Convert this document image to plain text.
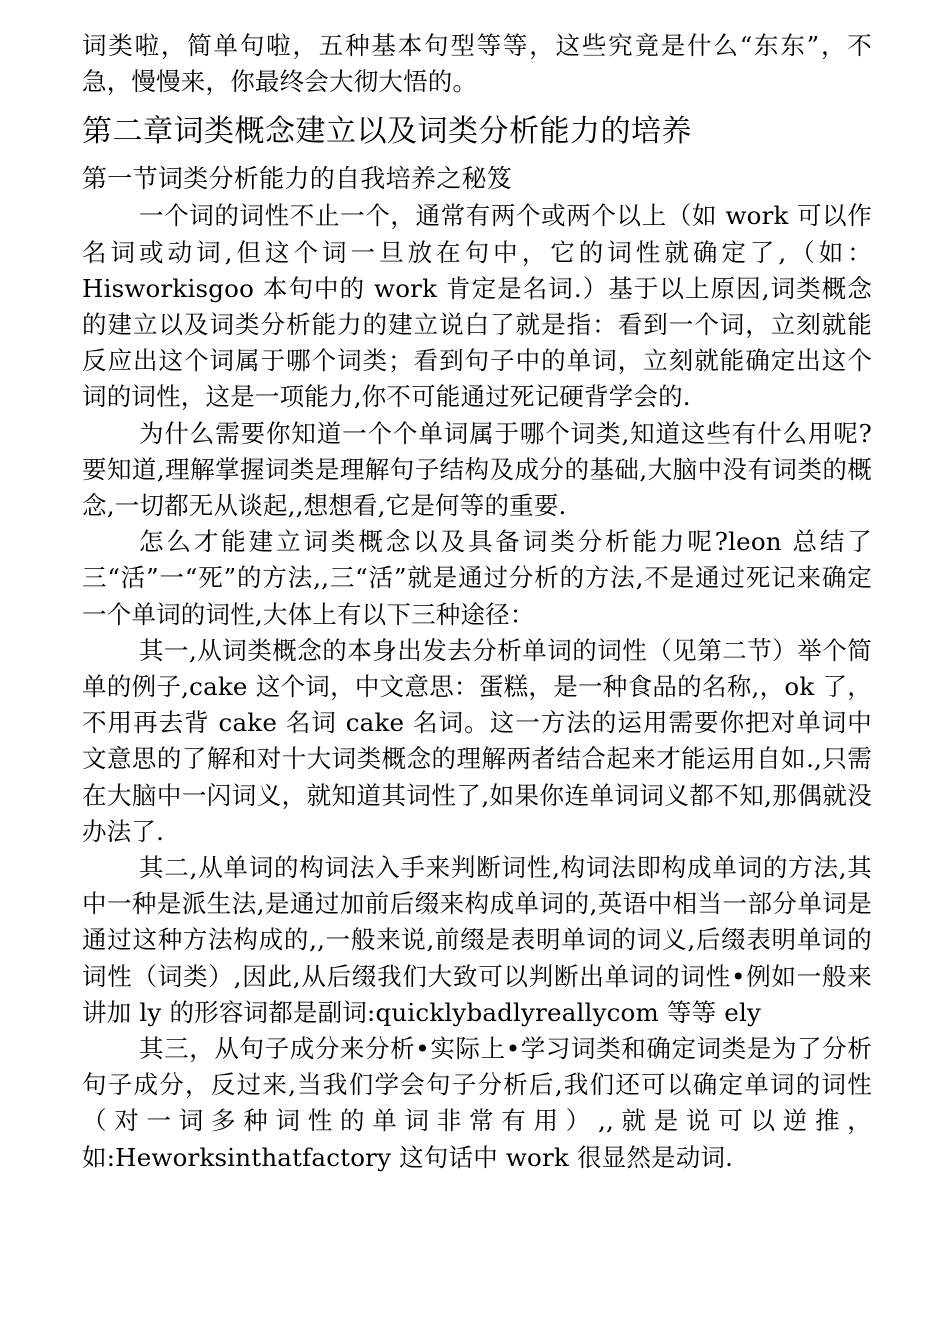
词类啦，简单句啦，五种基本句型等等，这些究竟是什么“东东”，不急，慢慢来，你最终会大彻大悟的。

第二章词类概念建立以及词类分析能力的培养
第一节词类分析能力的自我培养之秘笈

一个词的词性不止一个，通常有两个或两个以上（如 work 可以作名词或动词,但这个词一旦放在句中，它的词性就确定了,（如：Hisworkisgoo 本句中的 work 肯定是名词.）基于以上原因,词类概念的建立以及词类分析能力的建立说白了就是指：看到一个词，立刻就能反应出这个词属于哪个词类；看到句子中的单词，立刻就能确定出这个词的词性，这是一项能力,你不可能通过死记硬背学会的.

为什么需要你知道一个个单词属于哪个词类,知道这些有什么用呢?要知道,理解掌握词类是理解句子结构及成分的基础,大脑中没有词类的概念,一切都无从谈起,,想想看,它是何等的重要.

怎么才能建立词类概念以及具备词类分析能力呢?leon 总结了三“活”一“死”的方法,,三“活”就是通过分析的方法,不是通过死记来确定一个单词的词性,大体上有以下三种途径：

其一,从词类概念的本身出发去分析单词的词性（见第二节）举个简单的例子,cake 这个词，中文意思：蛋糕，是一种食品的名称,，ok 了，不用再去背 cake 名词 cake 名词。这一方法的运用需要你把对单词中文意思的了解和对十大词类概念的理解两者结合起来才能运用自如.,只需在大脑中一闪词义，就知道其词性了,如果你连单词词义都不知,那偶就没办法了.

其二,从单词的构词法入手来判断词性,构词法即构成单词的方法,其中一种是派生法,是通过加前后缀来构成单词的,英语中相当一部分单词是通过这种方法构成的,,一般来说,前缀是表明单词的词义,后缀表明单词的词性（词类）,因此,从后缀我们大致可以判断出单词的词性•例如一般来讲加 ly 的形容词都是副词:quicklybadlyreallycom 等等 ely

其三，从句子成分来分析•实际上•学习词类和确定词类是为了分析句子成分，反过来,当我们学会句子分析后,我们还可以确定单词的词性（对一词多种词性的单词非常有用）,,就是说可以逆推，如:Heworksinthatfactory 这句话中 work 很显然是动词.
